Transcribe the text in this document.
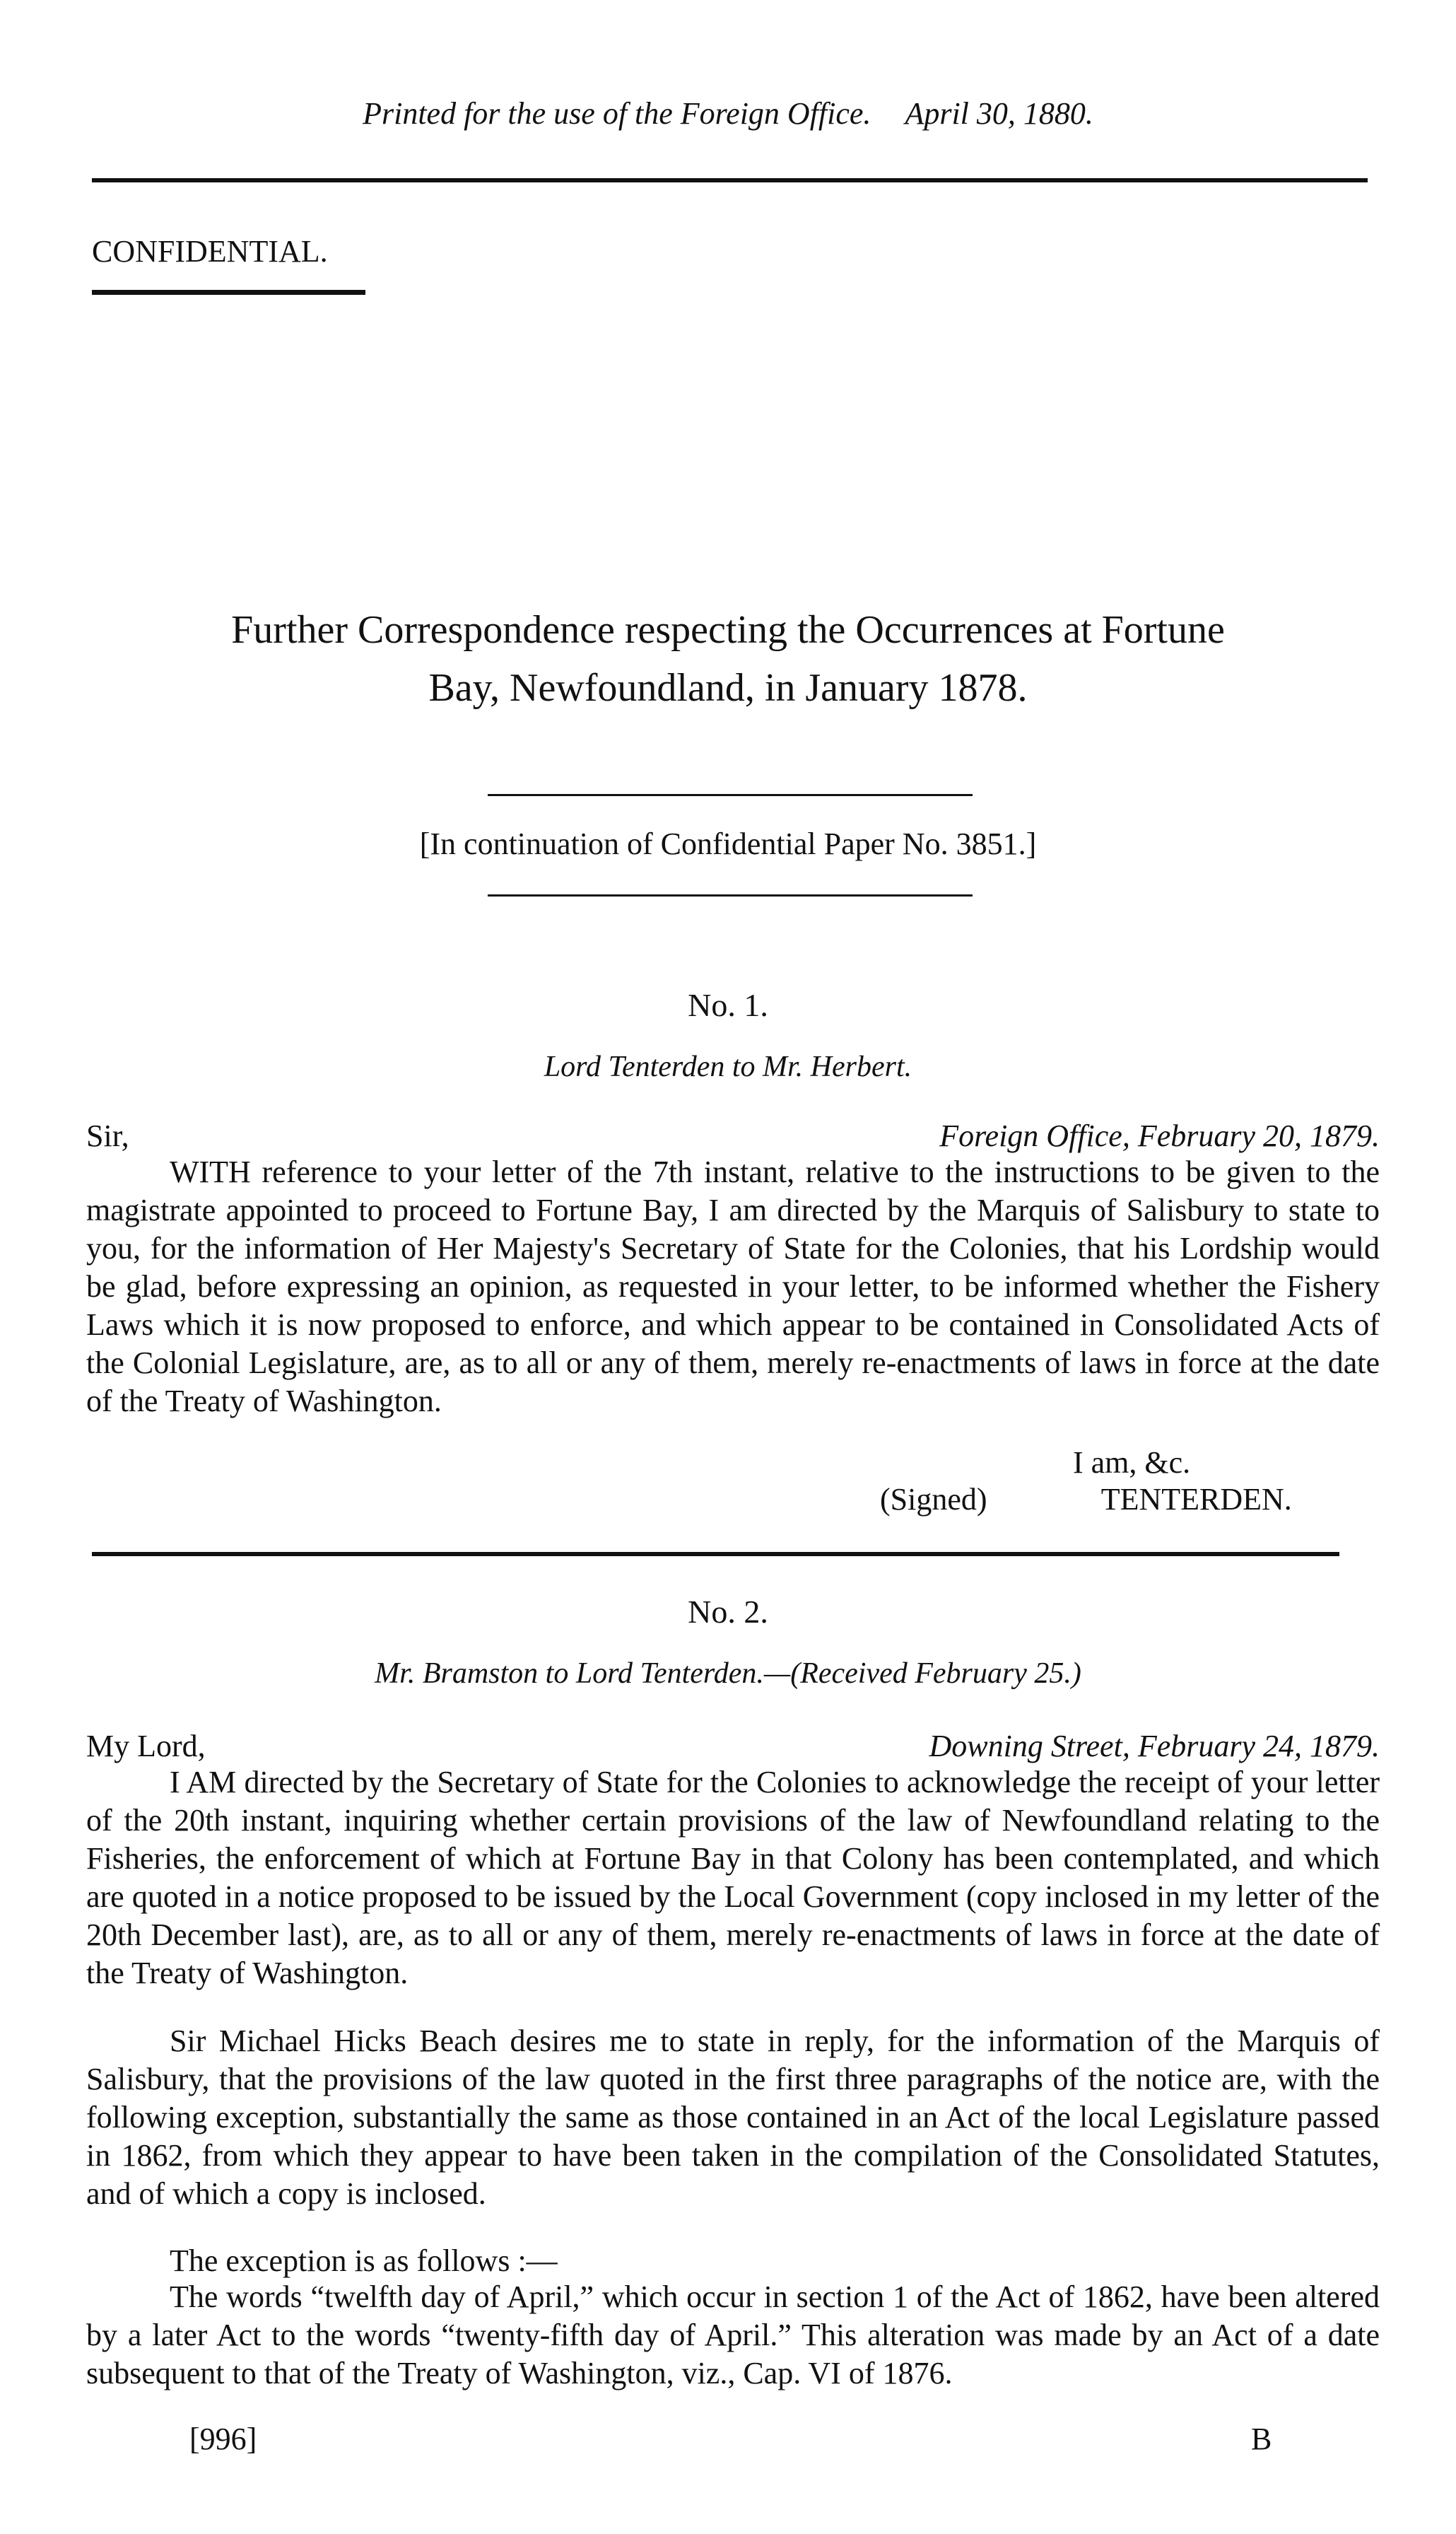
Printed for the use of the Foreign Office. April 30, 1880.
CONFIDENTIAL.
Further Correspondence respecting the Occurrences at Fortune
Bay, Newfoundland, in January 1878.
[In continuation of Confidential Paper No. 3851.]
No. 1.
Lord Tenterden to Mr. Herbert.
Sir,	Foreign Office, February 20, 1879.

WITH reference to your letter of the 7th instant, relative to the instructions to be given to the magistrate appointed to proceed to Fortune Bay, I am directed by the Marquis of Salisbury to state to you, for the information of Her Majesty's Secretary of State for the Colonies, that his Lordship would be glad, before expressing an opinion, as requested in your letter, to be informed whether the Fishery Laws which it is now proposed to enforce, and which appear to be contained in Consolidated Acts of the Colonial Legislature, are, as to all or any of them, merely re-enactments of laws in force at the date of the Treaty of Washington.

I am, &c.
(Signed)	TENTERDEN.
No. 2.
Mr. Bramston to Lord Tenterden.—(Received February 25.)
My Lord,	Downing Street, February 24, 1879.

I AM directed by the Secretary of State for the Colonies to acknowledge the receipt of your letter of the 20th instant, inquiring whether certain provisions of the law of Newfoundland relating to the Fisheries, the enforcement of which at Fortune Bay in that Colony has been contemplated, and which are quoted in a notice proposed to be issued by the Local Government (copy inclosed in my letter of the 20th December last), are, as to all or any of them, merely re-enactments of laws in force at the date of the Treaty of Washington.

Sir Michael Hicks Beach desires me to state in reply, for the information of the Marquis of Salisbury, that the provisions of the law quoted in the first three paragraphs of the notice are, with the following exception, substantially the same as those contained in an Act of the local Legislature passed in 1862, from which they appear to have been taken in the compilation of the Consolidated Statutes, and of which a copy is inclosed.

The exception is as follows :—

The words “twelfth day of April,” which occur in section 1 of the Act of 1862, have been altered by a later Act to the words “twenty-fifth day of April.” This alteration was made by an Act of a date subsequent to that of the Treaty of Washington, viz., Cap. VI of 1876.

[996]	B
